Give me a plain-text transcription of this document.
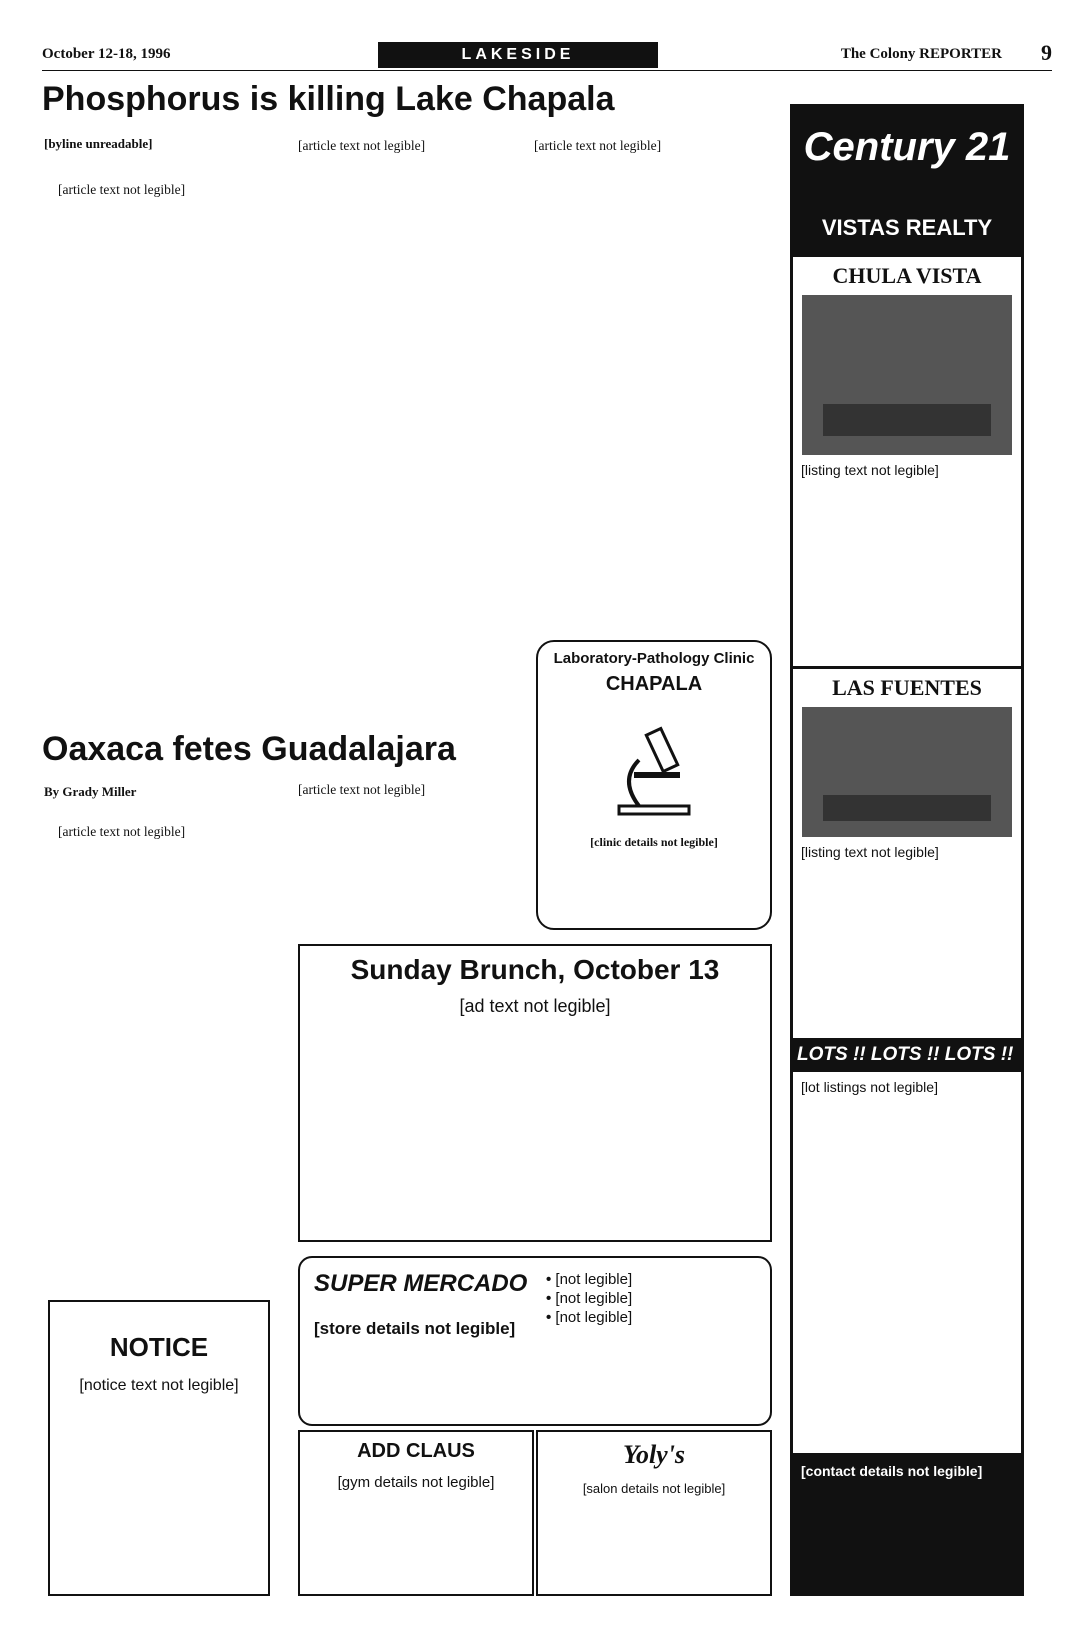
October 12-18, 1996	LAKESIDE	The Colony REPORTER 9
Phosphorus is killing Lake Chapala
[byline unreadable]

[article text not legible]

[article text not legible]	[article text not legible]

Oaxaca fetes Guadalajara
By Grady Miller

[article text not legible]

[article text not legible]

NOTICE
[notice text not legible]
Laboratory-Pathology Clinic
CHAPALA
[clinic details not legible]
Sunday Brunch, October 13
[ad text not legible]
SUPER MERCADO
[store details not legible]
• [not legible]
• [not legible]
• [not legible]
ADD CLAUS
[gym details not legible]
Yoly's
[salon details not legible]
Century 21
VISTAS REALTY
CHULA VISTA
[listing text not legible]
LAS FUENTES
[listing text not legible]
LOTS !! LOTS !! LOTS !!
[lot listings not legible]
[contact details not legible]
